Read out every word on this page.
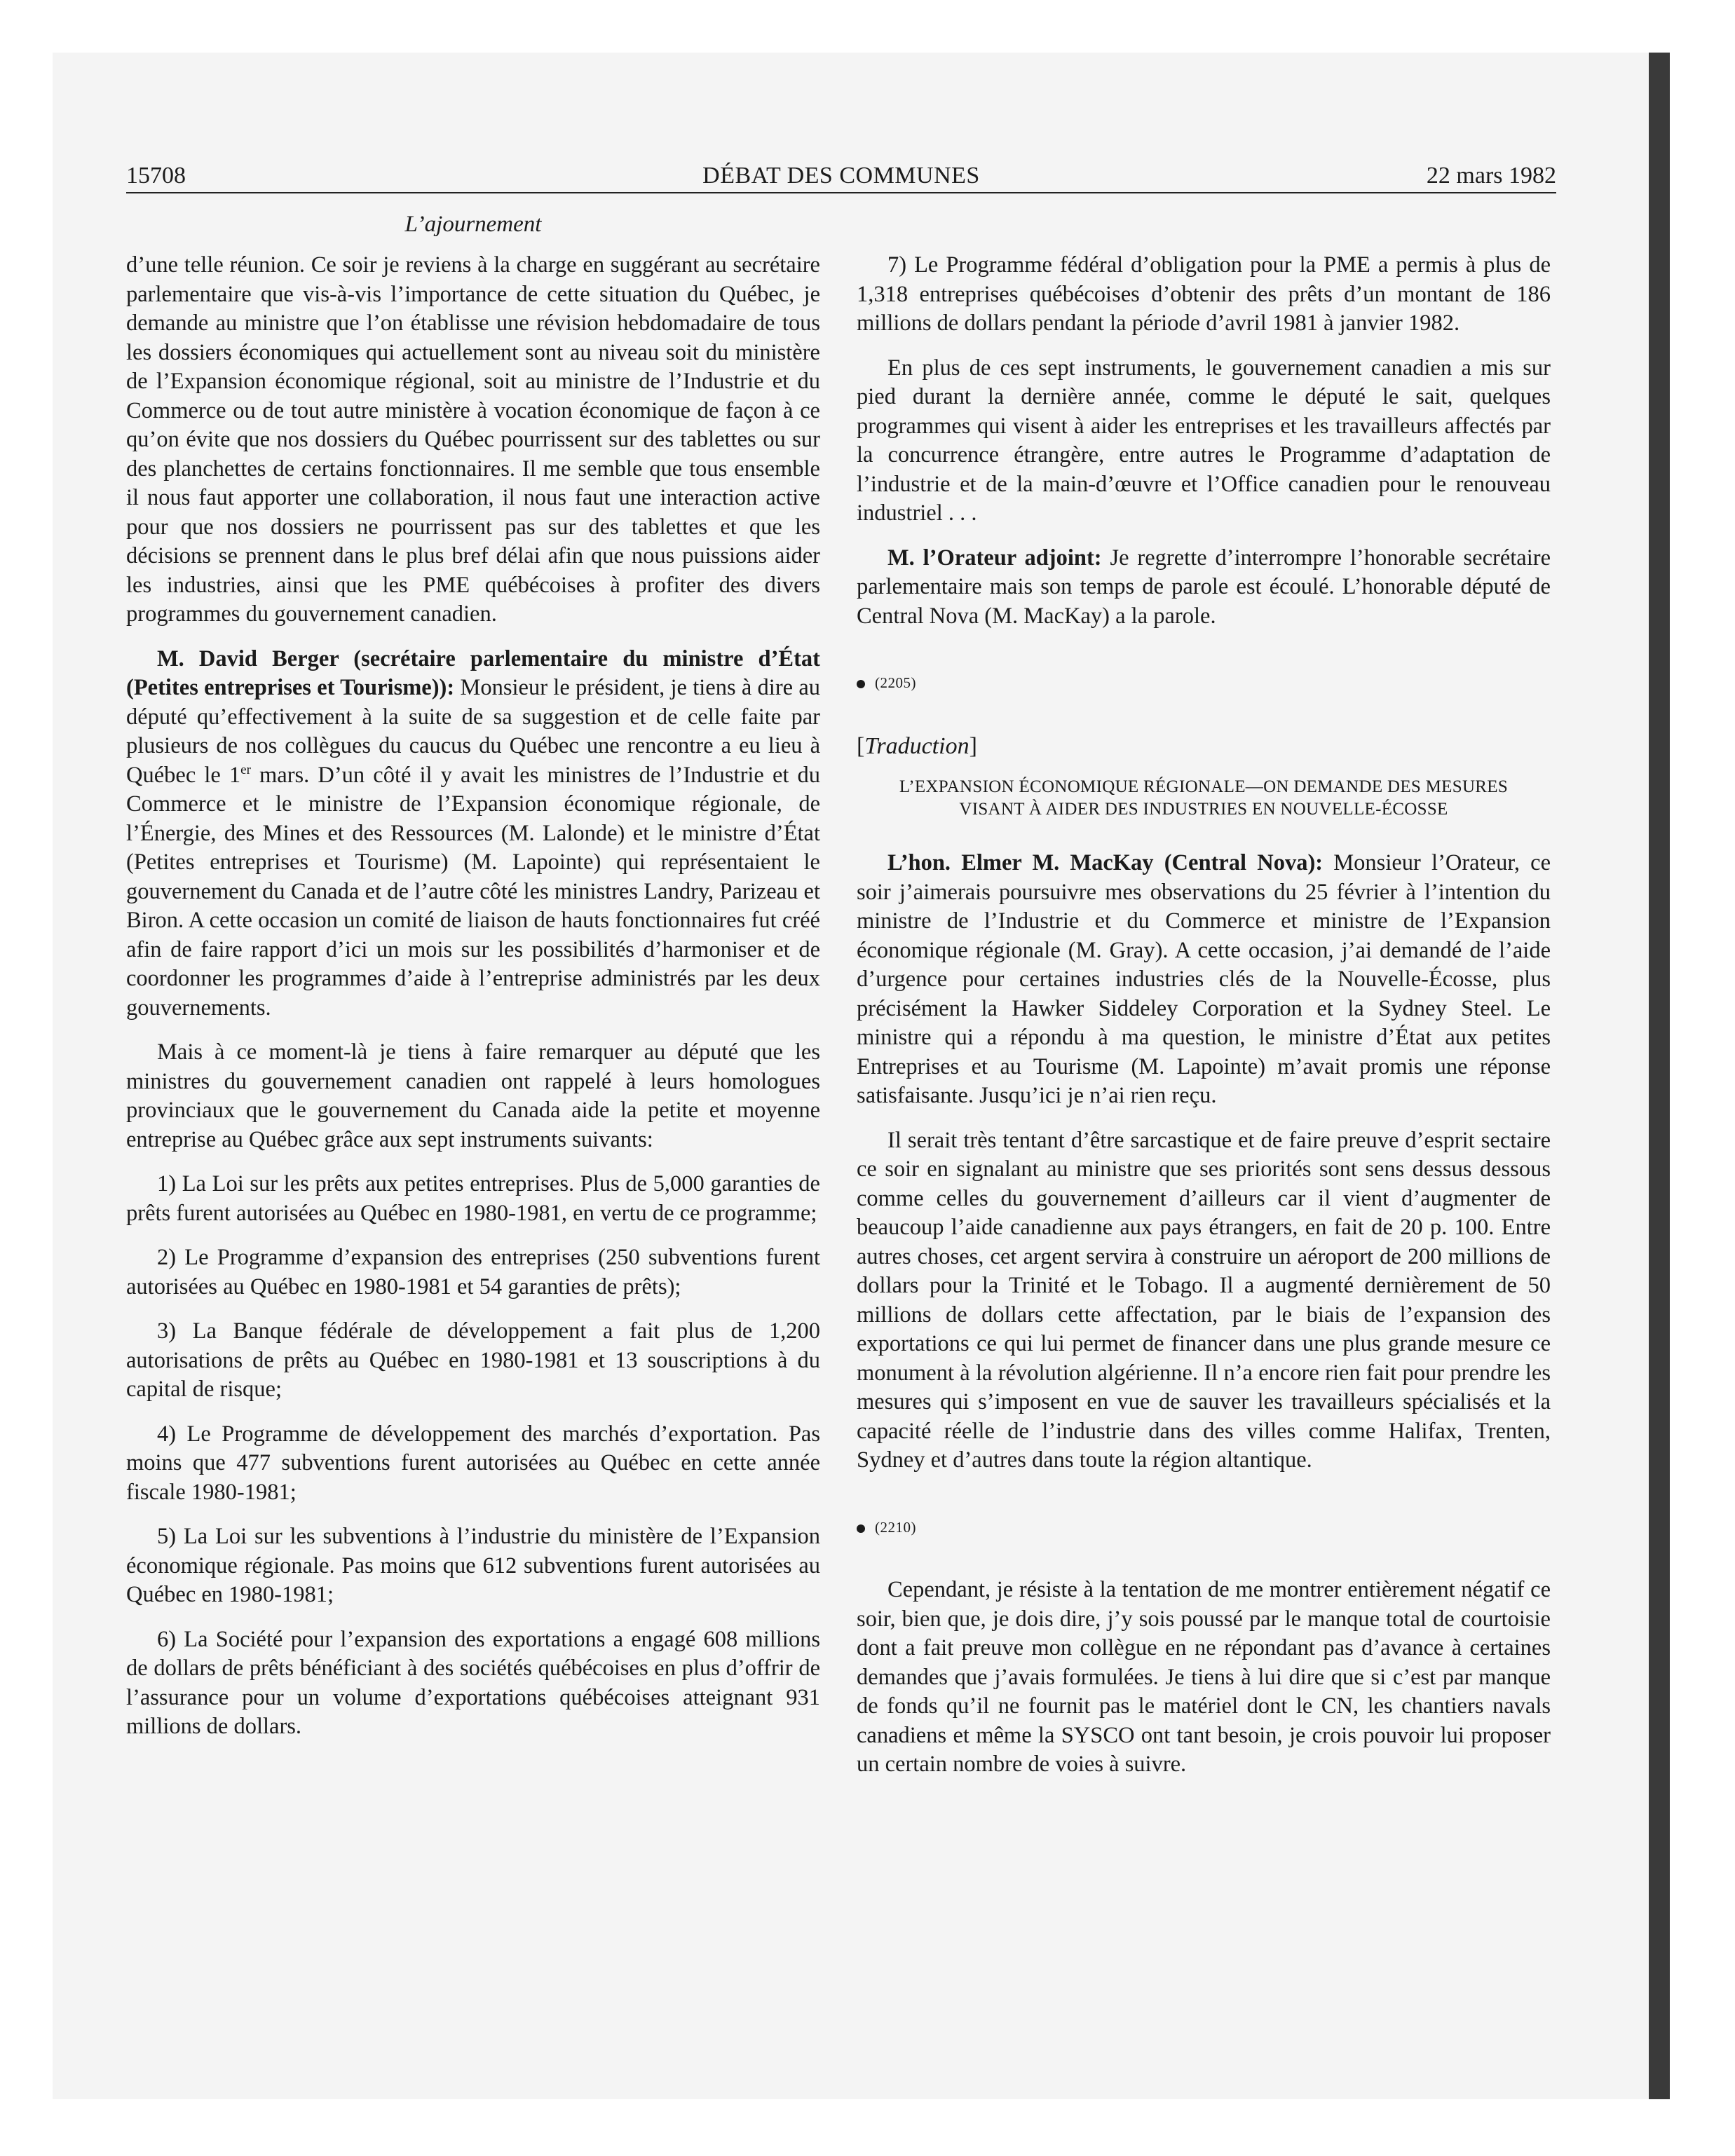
15708	DÉBAT DES COMMUNES	22 mars 1982
L’ajournement

d’une telle réunion. Ce soir je reviens à la charge en suggérant au secrétaire parlementaire que vis-à-vis l’importance de cette situation du Québec, je demande au ministre que l’on établisse une révision hebdomadaire de tous les dossiers économiques qui actuellement sont au niveau soit du ministère de l’Expansion économique régional, soit au ministre de l’Industrie et du Commerce ou de tout autre ministère à vocation économique de façon à ce qu’on évite que nos dossiers du Québec pourrissent sur des tablettes ou sur des planchettes de certains fonctionnaires. Il me semble que tous ensemble il nous faut apporter une collaboration, il nous faut une interaction active pour que nos dossiers ne pourrissent pas sur des tablettes et que les décisions se prennent dans le plus bref délai afin que nous puissions aider les industries, ainsi que les PME québécoises à profiter des divers programmes du gouvernement canadien.

M. David Berger (secrétaire parlementaire du ministre d’État (Petites entreprises et Tourisme)): Monsieur le président, je tiens à dire au député qu’effectivement à la suite de sa suggestion et de celle faite par plusieurs de nos collègues du caucus du Québec une rencontre a eu lieu à Québec le 1er mars. D’un côté il y avait les ministres de l’Industrie et du Commerce et le ministre de l’Expansion économique régionale, de l’Énergie, des Mines et des Ressources (M. Lalonde) et le ministre d’État (Petites entreprises et Tourisme) (M. Lapointe) qui représentaient le gouvernement du Canada et de l’autre côté les ministres Landry, Parizeau et Biron. A cette occasion un comité de liaison de hauts fonctionnaires fut créé afin de faire rapport d’ici un mois sur les possibilités d’harmoniser et de coordonner les programmes d’aide à l’entreprise administrés par les deux gouvernements.

Mais à ce moment-là je tiens à faire remarquer au député que les ministres du gouvernement canadien ont rappelé à leurs homologues provinciaux que le gouvernement du Canada aide la petite et moyenne entreprise au Québec grâce aux sept instruments suivants:

1) La Loi sur les prêts aux petites entreprises. Plus de 5,000 garanties de prêts furent autorisées au Québec en 1980-1981, en vertu de ce programme;

2) Le Programme d’expansion des entreprises (250 subventions furent autorisées au Québec en 1980-1981 et 54 garanties de prêts);

3) La Banque fédérale de développement a fait plus de 1,200 autorisations de prêts au Québec en 1980-1981 et 13 souscriptions à du capital de risque;

4) Le Programme de développement des marchés d’exportation. Pas moins que 477 subventions furent autorisées au Québec en cette année fiscale 1980-1981;

5) La Loi sur les subventions à l’industrie du ministère de l’Expansion économique régionale. Pas moins que 612 subventions furent autorisées au Québec en 1980-1981;

6) La Société pour l’expansion des exportations a engagé 608 millions de dollars de prêts bénéficiant à des sociétés québécoises en plus d’offrir de l’assurance pour un volume d’exportations québécoises atteignant 931 millions de dollars.

7) Le Programme fédéral d’obligation pour la PME a permis à plus de 1,318 entreprises québécoises d’obtenir des prêts d’un montant de 186 millions de dollars pendant la période d’avril 1981 à janvier 1982.

En plus de ces sept instruments, le gouvernement canadien a mis sur pied durant la dernière année, comme le député le sait, quelques programmes qui visent à aider les entreprises et les travailleurs affectés par la concurrence étrangère, entre autres le Programme d’adaptation de l’industrie et de la main-d’œuvre et l’Office canadien pour le renouveau industriel . . .

M. l’Orateur adjoint: Je regrette d’interrompre l’honorable secrétaire parlementaire mais son temps de parole est écoulé. L’honorable député de Central Nova (M. MacKay) a la parole.

(2205)
[Traduction]
L’EXPANSION ÉCONOMIQUE RÉGIONALE—ON DEMANDE DES MESURES VISANT À AIDER DES INDUSTRIES EN NOUVELLE-ÉCOSSE

L’hon. Elmer M. MacKay (Central Nova): Monsieur l’Orateur, ce soir j’aimerais poursuivre mes observations du 25 février à l’intention du ministre de l’Industrie et du Commerce et ministre de l’Expansion économique régionale (M. Gray). A cette occasion, j’ai demandé de l’aide d’urgence pour certaines industries clés de la Nouvelle-Écosse, plus précisément la Hawker Siddeley Corporation et la Sydney Steel. Le ministre qui a répondu à ma question, le ministre d’État aux petites Entreprises et au Tourisme (M. Lapointe) m’avait promis une réponse satisfaisante. Jusqu’ici je n’ai rien reçu.

Il serait très tentant d’être sarcastique et de faire preuve d’esprit sectaire ce soir en signalant au ministre que ses priorités sont sens dessus dessous comme celles du gouvernement d’ailleurs car il vient d’augmenter de beaucoup l’aide canadienne aux pays étrangers, en fait de 20 p. 100. Entre autres choses, cet argent servira à construire un aéroport de 200 millions de dollars pour la Trinité et le Tobago. Il a augmenté dernièrement de 50 millions de dollars cette affectation, par le biais de l’expansion des exportations ce qui lui permet de financer dans une plus grande mesure ce monument à la révolution algérienne. Il n’a encore rien fait pour prendre les mesures qui s’imposent en vue de sauver les travailleurs spécialisés et la capacité réelle de l’industrie dans des villes comme Halifax, Trenten, Sydney et d’autres dans toute la région altantique.

(2210)

Cependant, je résiste à la tentation de me montrer entièrement négatif ce soir, bien que, je dois dire, j’y sois poussé par le manque total de courtoisie dont a fait preuve mon collègue en ne répondant pas d’avance à certaines demandes que j’avais formulées. Je tiens à lui dire que si c’est par manque de fonds qu’il ne fournit pas le matériel dont le CN, les chantiers navals canadiens et même la SYSCO ont tant besoin, je crois pouvoir lui proposer un certain nombre de voies à suivre.
